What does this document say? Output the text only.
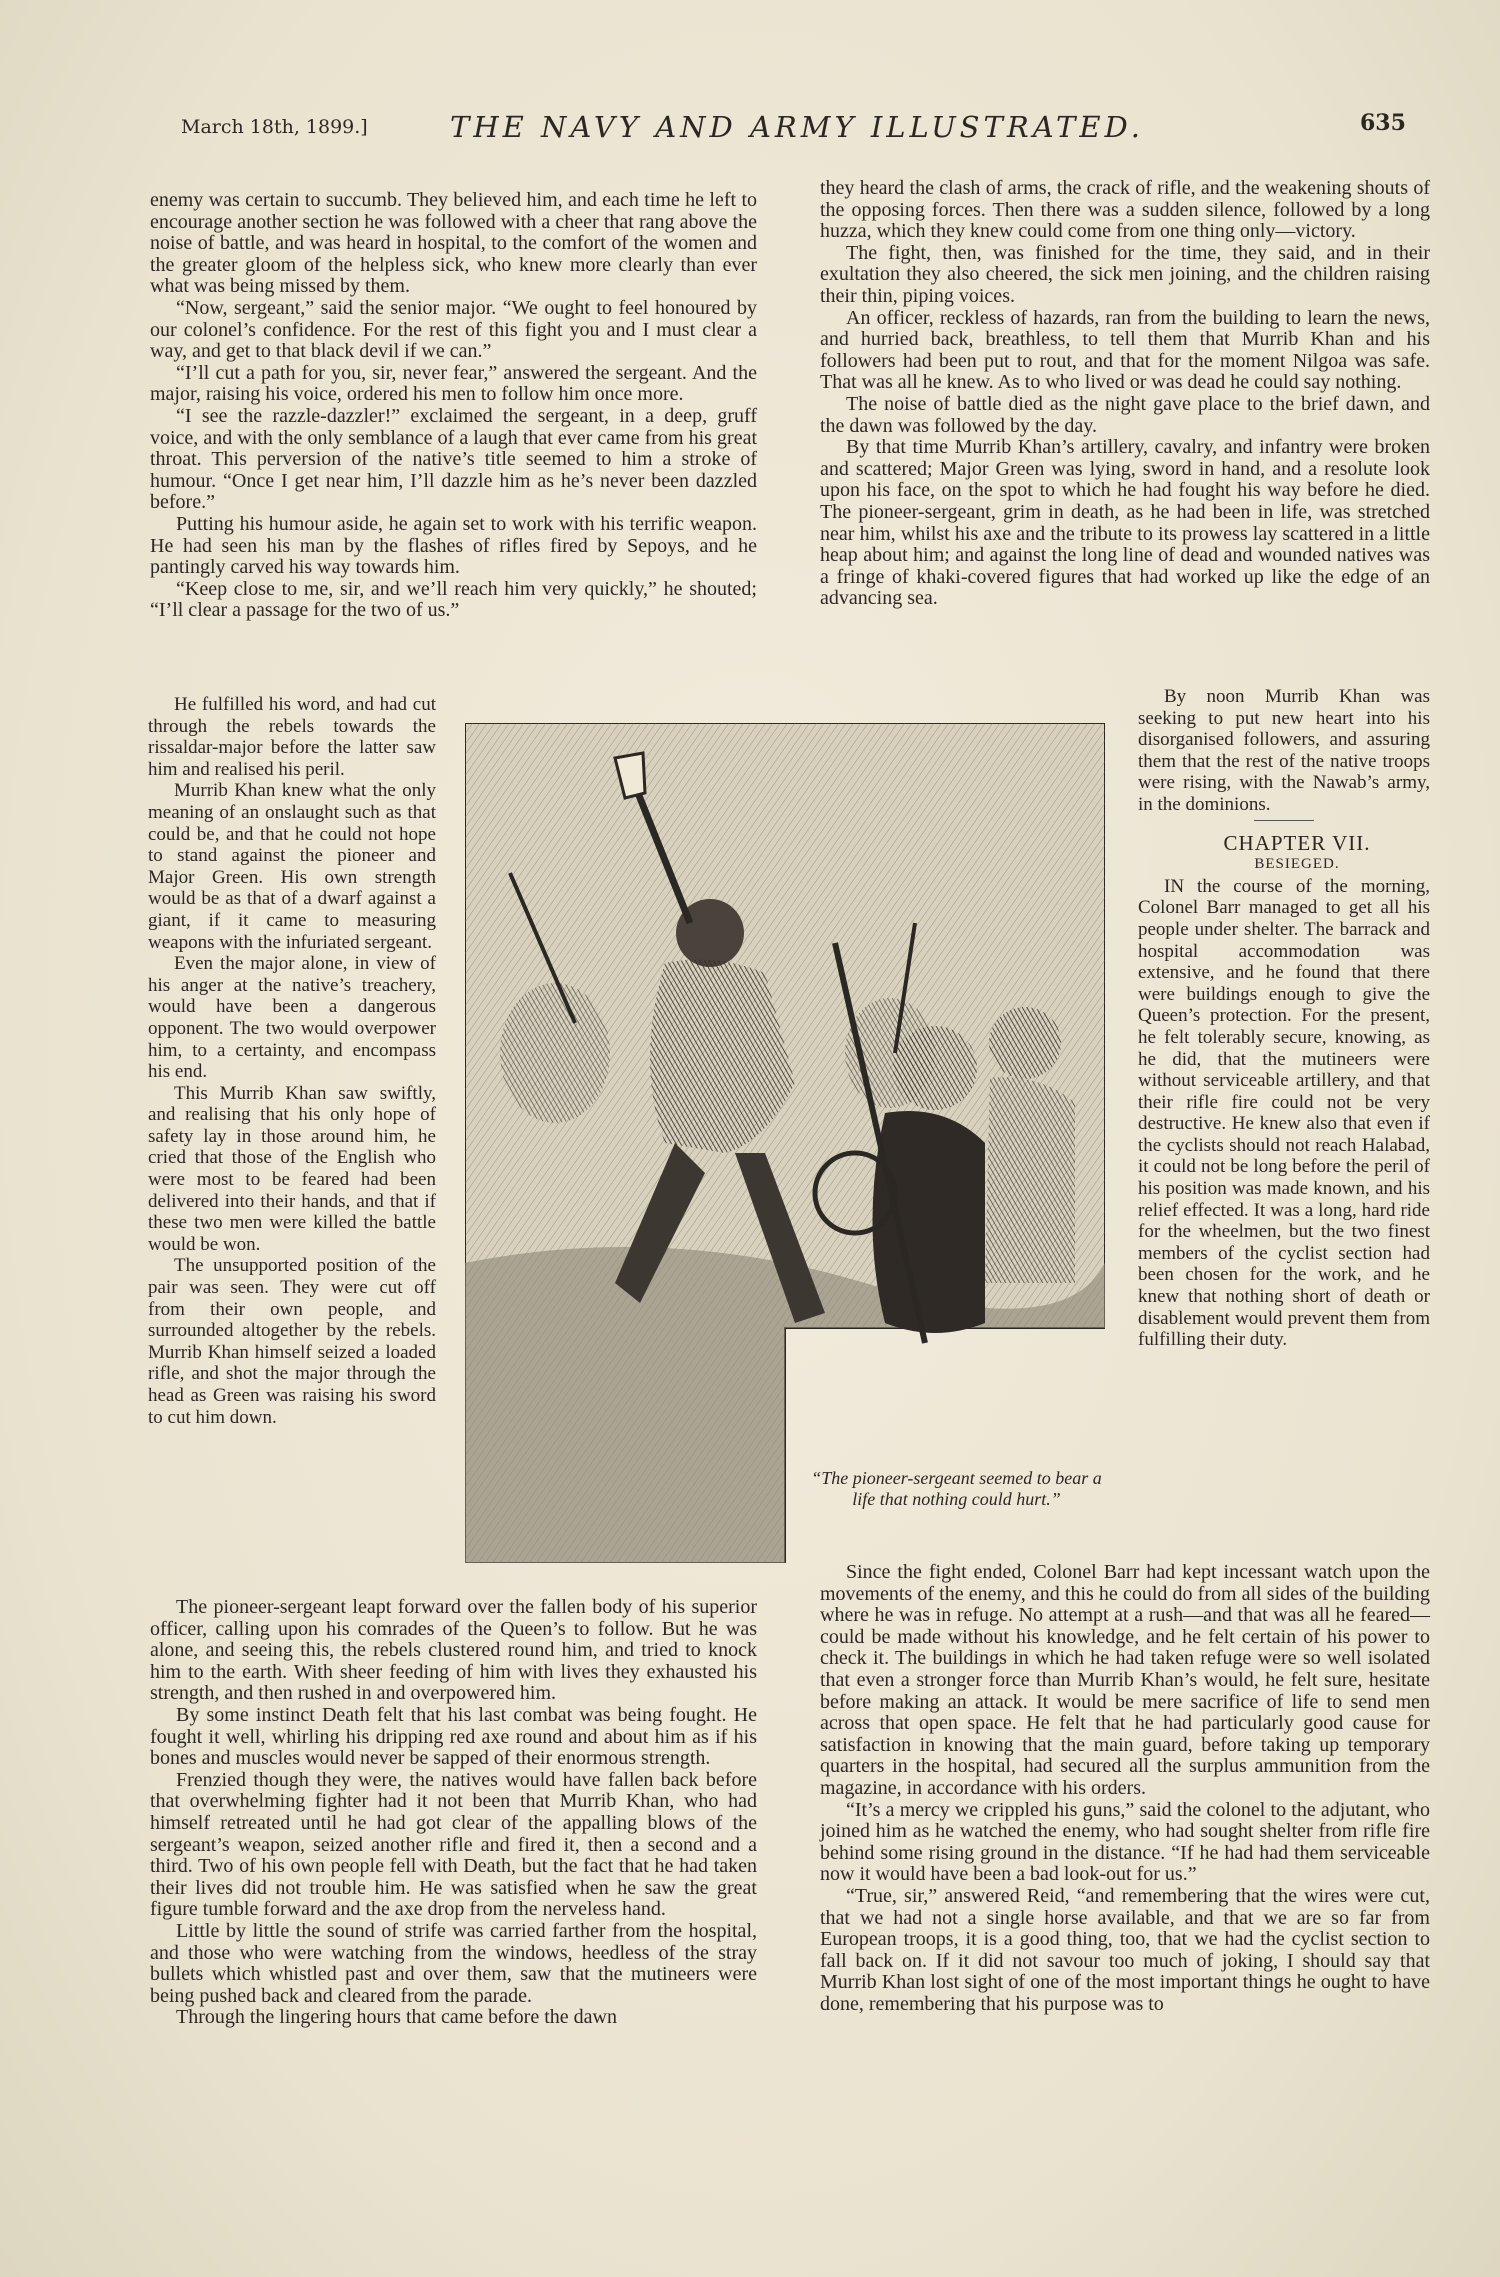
March 18th, 1899.]	THE NAVY AND ARMY ILLUSTRATED.	635

enemy was certain to succumb. They believed him, and each time he left to encourage another section he was followed with a cheer that rang above the noise of battle, and was heard in hospital, to the comfort of the women and the greater gloom of the helpless sick, who knew more clearly than ever what was being missed by them.

“Now, sergeant,” said the senior major. “We ought to feel honoured by our colonel’s confidence. For the rest of this fight you and I must clear a way, and get to that black devil if we can.”

“I’ll cut a path for you, sir, never fear,” answered the sergeant. And the major, raising his voice, ordered his men to follow him once more.

“I see the razzle-dazzler!” exclaimed the sergeant, in a deep, gruff voice, and with the only semblance of a laugh that ever came from his great throat. This perversion of the native’s title seemed to him a stroke of humour. “Once I get near him, I’ll dazzle him as he’s never been dazzled before.”

Putting his humour aside, he again set to work with his terrific weapon. He had seen his man by the flashes of rifles fired by Sepoys, and he pantingly carved his way towards him.

“Keep close to me, sir, and we’ll reach him very quickly,” he shouted; “I’ll clear a passage for the two of us.”

He fulfilled his word, and had cut through the rebels towards the rissaldar-major before the latter saw him and realised his peril.

Murrib Khan knew what the only meaning of an onslaught such as that could be, and that he could not hope to stand against the pioneer and Major Green. His own strength would be as that of a dwarf against a giant, if it came to measuring weapons with the infuriated sergeant.

Even the major alone, in view of his anger at the native’s treachery, would have been a dangerous opponent. The two would overpower him, to a certainty, and encompass his end.

This Murrib Khan saw swiftly, and realising that his only hope of safety lay in those around him, he cried that those of the English who were most to be feared had been delivered into their hands, and that if these two men were killed the battle would be won.

The unsupported position of the pair was seen. They were cut off from their own people, and surrounded altogether by the rebels. Murrib Khan himself seized a loaded rifle, and shot the major through the head as Green was raising his sword to cut him down.

The pioneer-sergeant leapt forward over the fallen body of his superior officer, calling upon his comrades of the Queen’s to follow. But he was alone, and seeing this, the rebels clustered round him, and tried to knock him to the earth. With sheer feeding of him with lives they exhausted his strength, and then rushed in and overpowered him.

By some instinct Death felt that his last combat was being fought. He fought it well, whirling his dripping red axe round and about him as if his bones and muscles would never be sapped of their enormous strength.

Frenzied though they were, the natives would have fallen back before that overwhelming fighter had it not been that Murrib Khan, who had himself retreated until he had got clear of the appalling blows of the sergeant’s weapon, seized another rifle and fired it, then a second and a third. Two of his own people fell with Death, but the fact that he had taken their lives did not trouble him. He was satisfied when he saw the great figure tumble forward and the axe drop from the nerveless hand.

Little by little the sound of strife was carried farther from the hospital, and those who were watching from the windows, heedless of the stray bullets which whistled past and over them, saw that the mutineers were being pushed back and cleared from the parade.

Through the lingering hours that came before the dawn

they heard the clash of arms, the crack of rifle, and the weakening shouts of the opposing forces. Then there was a sudden silence, followed by a long huzza, which they knew could come from one thing only—victory.

The fight, then, was finished for the time, they said, and in their exultation they also cheered, the sick men joining, and the children raising their thin, piping voices.

An officer, reckless of hazards, ran from the building to learn the news, and hurried back, breathless, to tell them that Murrib Khan and his followers had been put to rout, and that for the moment Nilgoa was safe. That was all he knew. As to who lived or was dead he could say nothing.

The noise of battle died as the night gave place to the brief dawn, and the dawn was followed by the day.

By that time Murrib Khan’s artillery, cavalry, and infantry were broken and scattered; Major Green was lying, sword in hand, and a resolute look upon his face, on the spot to which he had fought his way before he died. The pioneer-sergeant, grim in death, as he had been in life, was stretched near him, whilst his axe and the tribute to its prowess lay scattered in a little heap about him; and against the long line of dead and wounded natives was a fringe of khaki-covered figures that had worked up like the edge of an advancing sea.

By noon Murrib Khan was seeking to put new heart into his disorganised followers, and assuring them that the rest of the native troops were rising, with the Nawab’s army, in the dominions.

CHAPTER VII.

BESIEGED.

IN the course of the morning, Colonel Barr managed to get all his people under shelter. The barrack and hospital accommodation was extensive, and he found that there were buildings enough to give the Queen’s protection. For the present, he felt tolerably secure, knowing, as he did, that the mutineers were without serviceable artillery, and that their rifle fire could not be very destructive. He knew also that even if the cyclists should not reach Halabad, it could not be long before the peril of his position was made known, and his relief effected. It was a long, hard ride for the wheelmen, but the two finest members of the cyclist section had been chosen for the work, and he knew that nothing short of death or disablement would prevent them from fulfilling their duty.

Since the fight ended, Colonel Barr had kept incessant watch upon the movements of the enemy, and this he could do from all sides of the building where he was in refuge. No attempt at a rush—and that was all he feared—could be made without his knowledge, and he felt certain of his power to check it. The buildings in which he had taken refuge were so well isolated that even a stronger force than Murrib Khan’s would, he felt sure, hesitate before making an attack. It would be mere sacrifice of life to send men across that open space. He felt that he had particularly good cause for satisfaction in knowing that the main guard, before taking up temporary quarters in the hospital, had secured all the surplus ammunition from the magazine, in accordance with his orders.

“It’s a mercy we crippled his guns,” said the colonel to the adjutant, who joined him as he watched the enemy, who had sought shelter from rifle fire behind some rising ground in the distance. “If he had had them serviceable now it would have been a bad look-out for us.”

“True, sir,” answered Reid, “and remembering that the wires were cut, that we had not a single horse available, and that we are so far from European troops, it is a good thing, too, that we had the cyclist section to fall back on. If it did not savour too much of joking, I should say that Murrib Khan lost sight of one of the most important things he ought to have done, remembering that his purpose was to

“The pioneer-sergeant seemed to bear a life that nothing could hurt.”
